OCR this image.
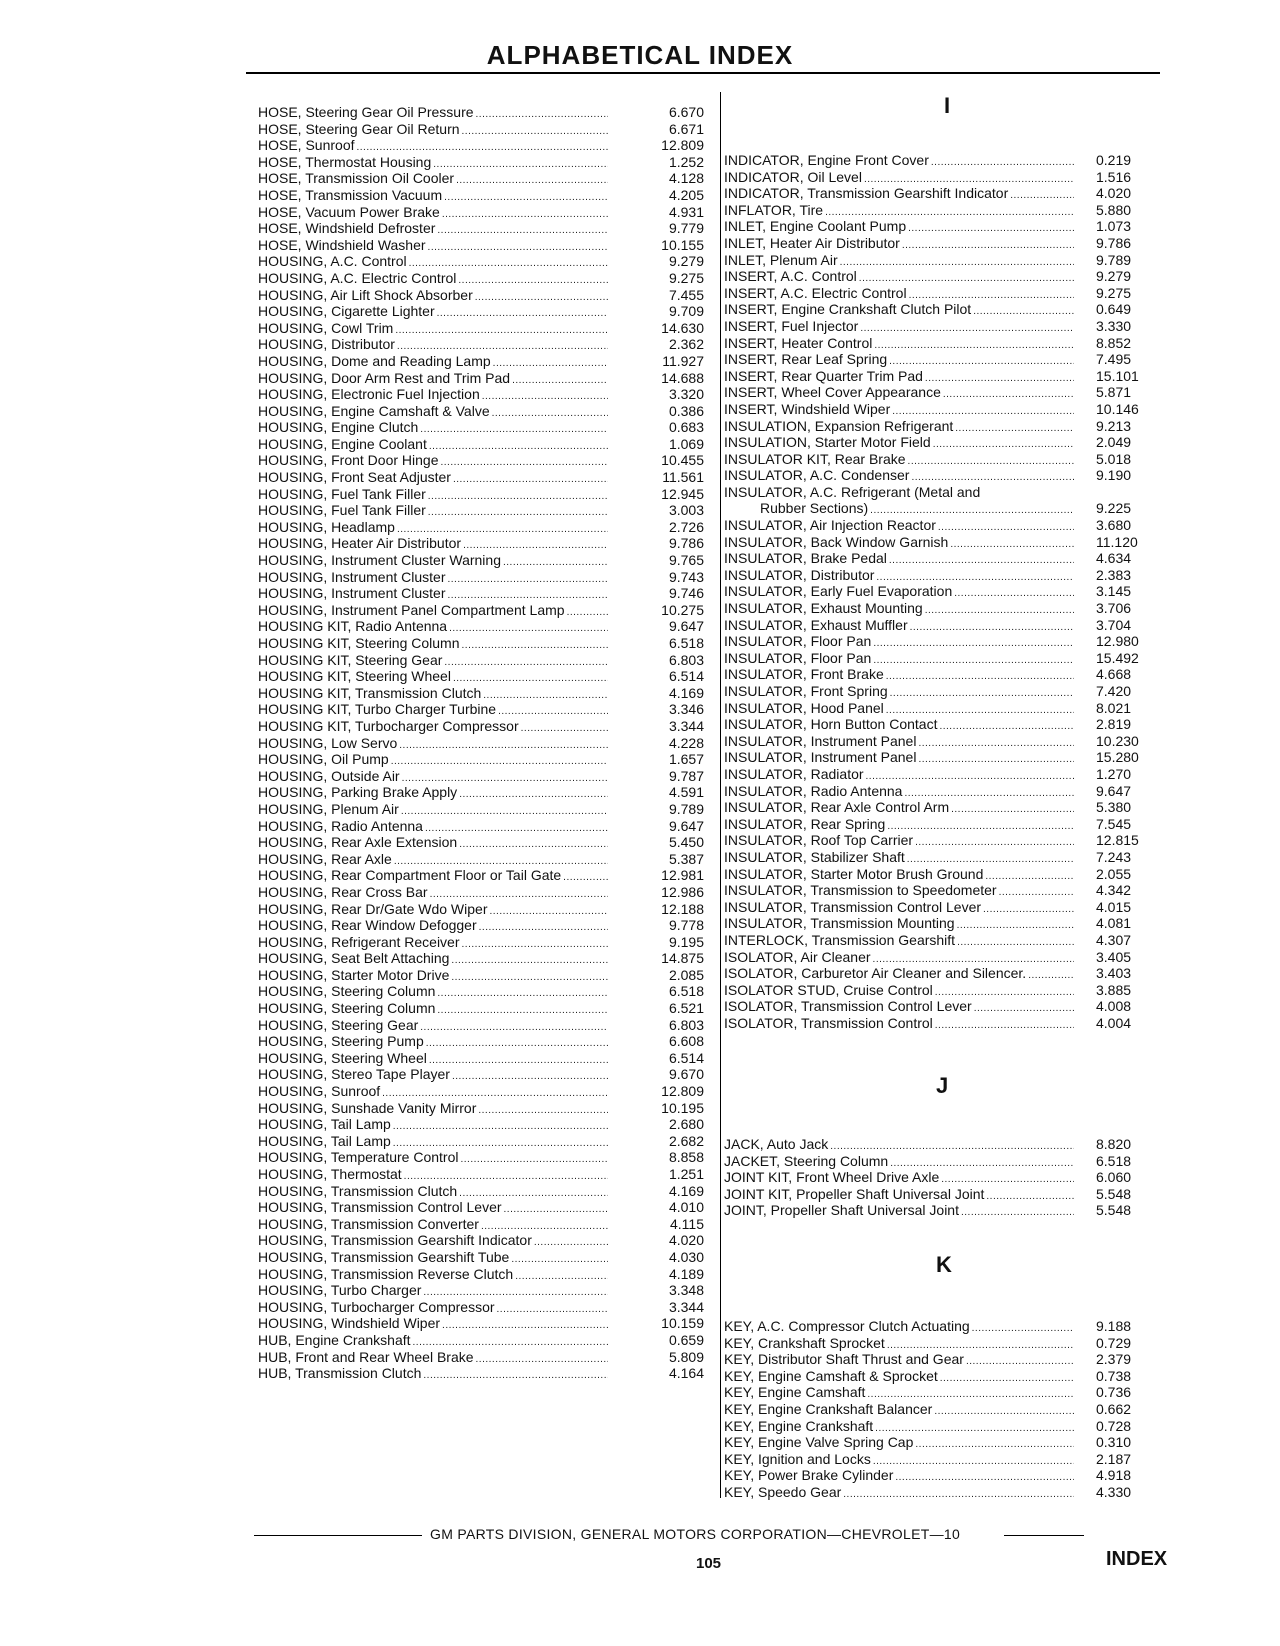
ALPHABETICAL INDEX
HOSE, Steering Gear Oil Pressure .....	6.670
HOSE, Steering Gear Oil Return .....	6.671
HOSE, Sunroof .....	12.809
HOSE, Thermostat Housing .....	1.252
HOSE, Transmission Oil Cooler .....	4.128
HOSE, Transmission Vacuum .....	4.205
HOSE, Vacuum Power Brake .....	4.931
HOSE, Windshield Defroster .....	9.779
HOSE, Windshield Washer .....	10.155
HOUSING, A.C. Control .....	9.279
HOUSING, A.C. Electric Control .....	9.275
HOUSING, Air Lift Shock Absorber .....	7.455
HOUSING, Cigarette Lighter .....	9.709
HOUSING, Cowl Trim .....	14.630
HOUSING, Distributor .....	2.362
HOUSING, Dome and Reading Lamp .....	11.927
HOUSING, Door Arm Rest and Trim Pad .....	14.688
HOUSING, Electronic Fuel Injection .....	3.320
HOUSING, Engine Camshaft & Valve .....	0.386
HOUSING, Engine Clutch .....	0.683
HOUSING, Engine Coolant .....	1.069
HOUSING, Front Door Hinge .....	10.455
HOUSING, Front Seat Adjuster .....	11.561
HOUSING, Fuel Tank Filler .....	12.945
HOUSING, Fuel Tank Filler .....	3.003
HOUSING, Headlamp .....	2.726
HOUSING, Heater Air Distributor .....	9.786
HOUSING, Instrument Cluster Warning .....	9.765
HOUSING, Instrument Cluster .....	9.743
HOUSING, Instrument Cluster .....	9.746
HOUSING, Instrument Panel Compartment Lamp .....	10.275
HOUSING KIT, Radio Antenna .....	9.647
HOUSING KIT, Steering Column .....	6.518
HOUSING KIT, Steering Gear .....	6.803
HOUSING KIT, Steering Wheel .....	6.514
HOUSING KIT, Transmission Clutch .....	4.169
HOUSING KIT, Turbo Charger Turbine .....	3.346
HOUSING KIT, Turbocharger Compressor .....	3.344
HOUSING, Low Servo .....	4.228
HOUSING, Oil Pump .....	1.657
HOUSING, Outside Air .....	9.787
HOUSING, Parking Brake Apply .....	4.591
HOUSING, Plenum Air .....	9.789
HOUSING, Radio Antenna .....	9.647
HOUSING, Rear Axle Extension .....	5.450
HOUSING, Rear Axle .....	5.387
HOUSING, Rear Compartment Floor or Tail Gate .....	12.981
HOUSING, Rear Cross Bar .....	12.986
HOUSING, Rear Dr/Gate Wdo Wiper .....	12.188
HOUSING, Rear Window Defogger .....	9.778
HOUSING, Refrigerant Receiver .....	9.195
HOUSING, Seat Belt Attaching .....	14.875
HOUSING, Starter Motor Drive .....	2.085
HOUSING, Steering Column .....	6.518
HOUSING, Steering Column .....	6.521
HOUSING, Steering Gear .....	6.803
HOUSING, Steering Pump .....	6.608
HOUSING, Steering Wheel .....	6.514
HOUSING, Stereo Tape Player .....	9.670
HOUSING, Sunroof .....	12.809
HOUSING, Sunshade Vanity Mirror .....	10.195
HOUSING, Tail Lamp .....	2.680
HOUSING, Tail Lamp .....	2.682
HOUSING, Temperature Control .....	8.858
HOUSING, Thermostat .....	1.251
HOUSING, Transmission Clutch .....	4.169
HOUSING, Transmission Control Lever .....	4.010
HOUSING, Transmission Converter .....	4.115
HOUSING, Transmission Gearshift Indicator .....	4.020
HOUSING, Transmission Gearshift Tube .....	4.030
HOUSING, Transmission Reverse Clutch .....	4.189
HOUSING, Turbo Charger .....	3.348
HOUSING, Turbocharger Compressor .....	3.344
HOUSING, Windshield Wiper .....	10.159
HUB, Engine Crankshaft .....	0.659
HUB, Front and Rear Wheel Brake .....	5.809
HUB, Transmission Clutch .....	4.164
I
INDICATOR, Engine Front Cover .....	0.219
INDICATOR, Oil Level .....	1.516
INDICATOR, Transmission Gearshift Indicator .....	4.020
INFLATOR, Tire .....	5.880
INLET, Engine Coolant Pump .....	1.073
INLET, Heater Air Distributor .....	9.786
INLET, Plenum Air .....	9.789
INSERT, A.C. Control .....	9.279
INSERT, A.C. Electric Control .....	9.275
INSERT, Engine Crankshaft Clutch Pilot .....	0.649
INSERT, Fuel Injector .....	3.330
INSERT, Heater Control .....	8.852
INSERT, Rear Leaf Spring .....	7.495
INSERT, Rear Quarter Trim Pad .....	15.101
INSERT, Wheel Cover Appearance .....	5.871
INSERT, Windshield Wiper .....	10.146
INSULATION, Expansion Refrigerant .....	9.213
INSULATION, Starter Motor Field .....	2.049
INSULATOR KIT, Rear Brake .....	5.018
INSULATOR, A.C. Condenser .....	9.190
INSULATOR, A.C. Refrigerant (Metal and
Rubber Sections) .....	9.225
INSULATOR, Air Injection Reactor .....	3.680
INSULATOR, Back Window Garnish .....	11.120
INSULATOR, Brake Pedal .....	4.634
INSULATOR, Distributor .....	2.383
INSULATOR, Early Fuel Evaporation .....	3.145
INSULATOR, Exhaust Mounting .....	3.706
INSULATOR, Exhaust Muffler .....	3.704
INSULATOR, Floor Pan .....	12.980
INSULATOR, Floor Pan .....	15.492
INSULATOR, Front Brake .....	4.668
INSULATOR, Front Spring .....	7.420
INSULATOR, Hood Panel .....	8.021
INSULATOR, Horn Button Contact .....	2.819
INSULATOR, Instrument Panel .....	10.230
INSULATOR, Instrument Panel .....	15.280
INSULATOR, Radiator .....	1.270
INSULATOR, Radio Antenna .....	9.647
INSULATOR, Rear Axle Control Arm .....	5.380
INSULATOR, Rear Spring .....	7.545
INSULATOR, Roof Top Carrier .....	12.815
INSULATOR, Stabilizer Shaft .....	7.243
INSULATOR, Starter Motor Brush Ground .....	2.055
INSULATOR, Transmission to Speedometer .....	4.342
INSULATOR, Transmission Control Lever .....	4.015
INSULATOR, Transmission Mounting .....	4.081
INTERLOCK, Transmission Gearshift .....	4.307
ISOLATOR, Air Cleaner .....	3.405
ISOLATOR, Carburetor Air Cleaner and Silencer. .....	3.403
ISOLATOR STUD, Cruise Control .....	3.885
ISOLATOR, Transmission Control Lever .....	4.008
ISOLATOR, Transmission Control .....	4.004
J
JACK, Auto Jack .....	8.820
JACKET, Steering Column .....	6.518
JOINT KIT, Front Wheel Drive Axle .....	6.060
JOINT KIT, Propeller Shaft Universal Joint .....	5.548
JOINT, Propeller Shaft Universal Joint .....	5.548
K
KEY, A.C. Compressor Clutch Actuating .....	9.188
KEY, Crankshaft Sprocket .....	0.729
KEY, Distributor Shaft Thrust and Gear .....	2.379
KEY, Engine Camshaft & Sprocket .....	0.738
KEY, Engine Camshaft .....	0.736
KEY, Engine Crankshaft Balancer .....	0.662
KEY, Engine Crankshaft .....	0.728
KEY, Engine Valve Spring Cap .....	0.310
KEY, Ignition and Locks .....	2.187
KEY, Power Brake Cylinder .....	4.918
KEY, Speedo Gear .....	4.330
GM PARTS DIVISION, GENERAL MOTORS CORPORATION—CHEVROLET—10
105	INDEX
